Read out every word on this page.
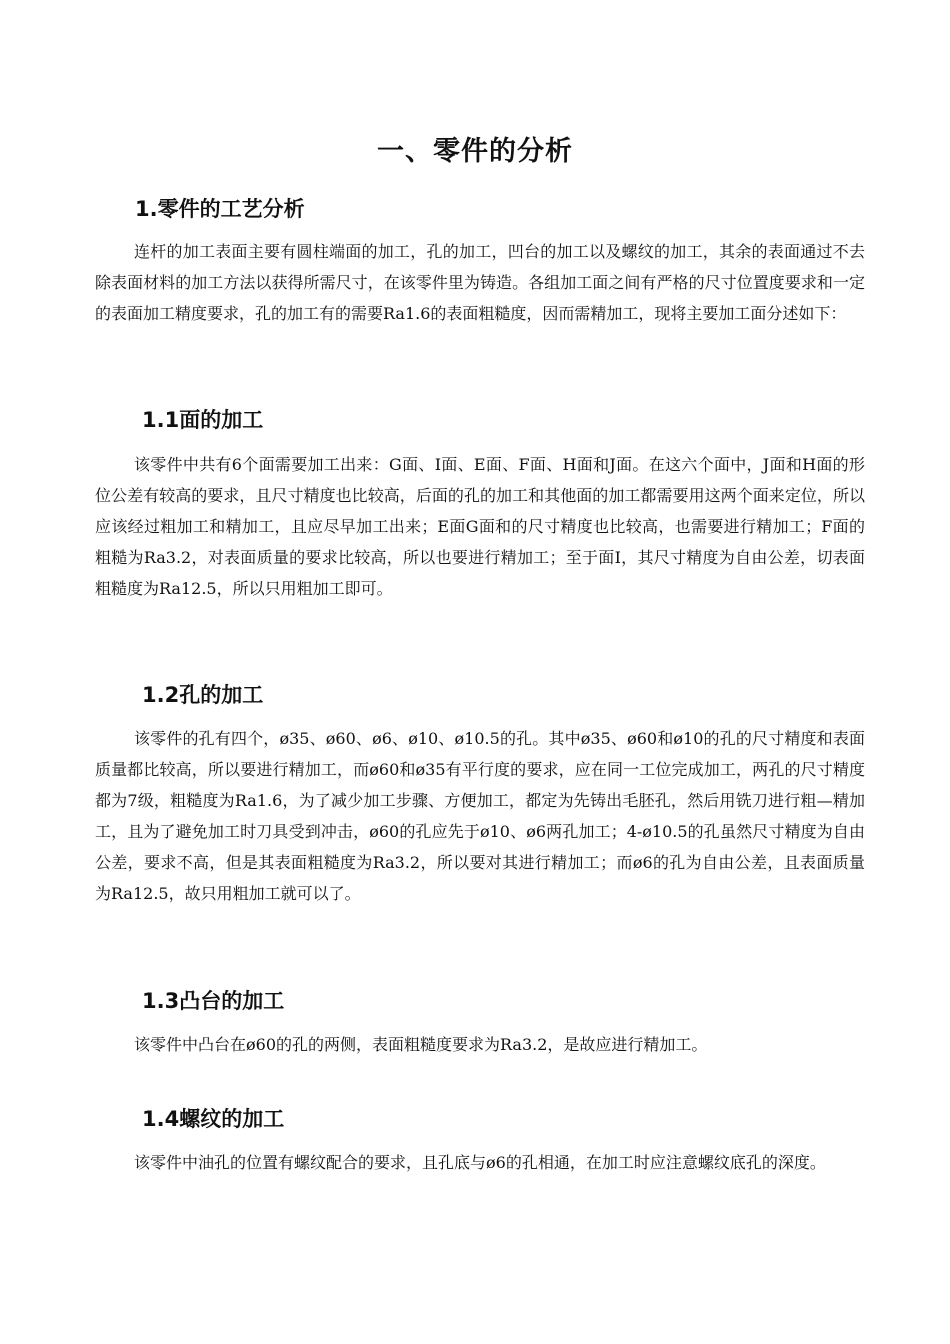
一、零件的分析
1.零件的工艺分析

连杆的加工表面主要有圆柱端面的加工，孔的加工，凹台的加工以及螺纹的加工，其余的表面通过不去除表面材料的加工方法以获得所需尺寸，在该零件里为铸造。各组加工面之间有严格的尺寸位置度要求和一定的表面加工精度要求，孔的加工有的需要Ra1.6的表面粗糙度，因而需精加工，现将主要加工面分述如下：

1.1面的加工

该零件中共有6个面需要加工出来：G面、I面、E面、F面、H面和J面。在这六个面中，J面和H面的形位公差有较高的要求，且尺寸精度也比较高，后面的孔的加工和其他面的加工都需要用这两个面来定位，所以应该经过粗加工和精加工，且应尽早加工出来；E面G面和的尺寸精度也比较高，也需要进行精加工；F面的粗糙为Ra3.2，对表面质量的要求比较高，所以也要进行精加工；至于面I，其尺寸精度为自由公差，切表面粗糙度为Ra12.5，所以只用粗加工即可。

1.2孔的加工

该零件的孔有四个，ø35、ø60、ø6、ø10、ø10.5的孔。其中ø35、ø60和ø10的孔的尺寸精度和表面质量都比较高，所以要进行精加工，而ø60和ø35有平行度的要求，应在同一工位完成加工，两孔的尺寸精度都为7级，粗糙度为Ra1.6，为了减少加工步骤、方便加工，都定为先铸出毛胚孔，然后用铣刀进行粗—精加工，且为了避免加工时刀具受到冲击，ø60的孔应先于ø10、ø6两孔加工；4-ø10.5的孔虽然尺寸精度为自由公差，要求不高，但是其表面粗糙度为Ra3.2，所以要对其进行精加工；而ø6的孔为自由公差，且表面质量为Ra12.5，故只用粗加工就可以了。

1.3凸台的加工

该零件中凸台在ø60的孔的两侧，表面粗糙度要求为Ra3.2，是故应进行精加工。

1.4螺纹的加工

该零件中油孔的位置有螺纹配合的要求，且孔底与ø6的孔相通，在加工时应注意螺纹底孔的深度。
